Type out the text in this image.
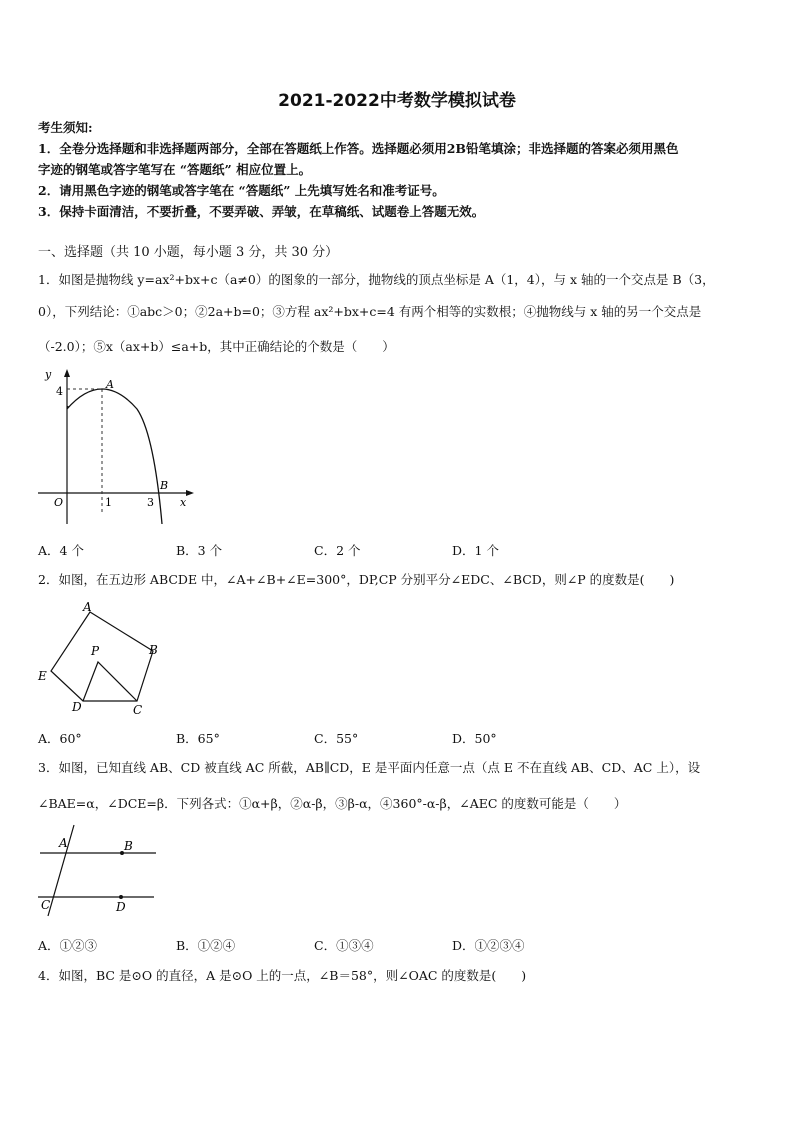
2021-2022中考数学模拟试卷
考生须知:
1．全卷分选择题和非选择题两部分，全部在答题纸上作答。选择题必须用2B铅笔填涂；非选择题的答案必须用黑色
字迹的钢笔或答字笔写在 “答题纸” 相应位置上。
2．请用黑色字迹的钢笔或答字笔在 “答题纸” 上先填写姓名和准考证号。
3．保持卡面清洁，不要折叠，不要弄破、弄皱，在草稿纸、试题卷上答题无效。
一、选择题（共 10 小题，每小题 3 分，共 30 分）
1．如图是抛物线 y=ax²+bx+c（a≠0）的图象的一部分，抛物线的顶点坐标是 A（1，4），与 x 轴的一个交点是 B（3，
0），下列结论：①abc＞0；②2a+b=0；③方程 ax²+bx+c=4 有两个相等的实数根；④抛物线与 x 轴的另一个交点是
（-2.0）；⑤x（ax+b）≤a+b，其中正确结论的个数是（　　）
y
4
A
O	1	3
B
x
A．4 个	B．3 个	C．2 个	D．1 个
2．如图，在五边形 ABCDE 中，∠A+∠B+∠E=300°，DP,CP 分别平分∠EDC、∠BCD，则∠P 的度数是(　　)
A
B
C
D
E
P
A．60°	B．65°	C．55°	D．50°
3．如图，已知直线 AB、CD 被直线 AC 所截，AB∥CD，E 是平面内任意一点（点 E 不在直线 AB、CD、AC 上），设
∠BAE=α，∠DCE=β．下列各式：①α+β，②α-β，③β-α，④360°-α-β，∠AEC 的度数可能是（　　）
A	B
C	D
A．①②③	B．①②④	C．①③④	D．①②③④
4．如图，BC 是⊙O 的直径，A 是⊙O 上的一点，∠B＝58°，则∠OAC 的度数是(　　)
